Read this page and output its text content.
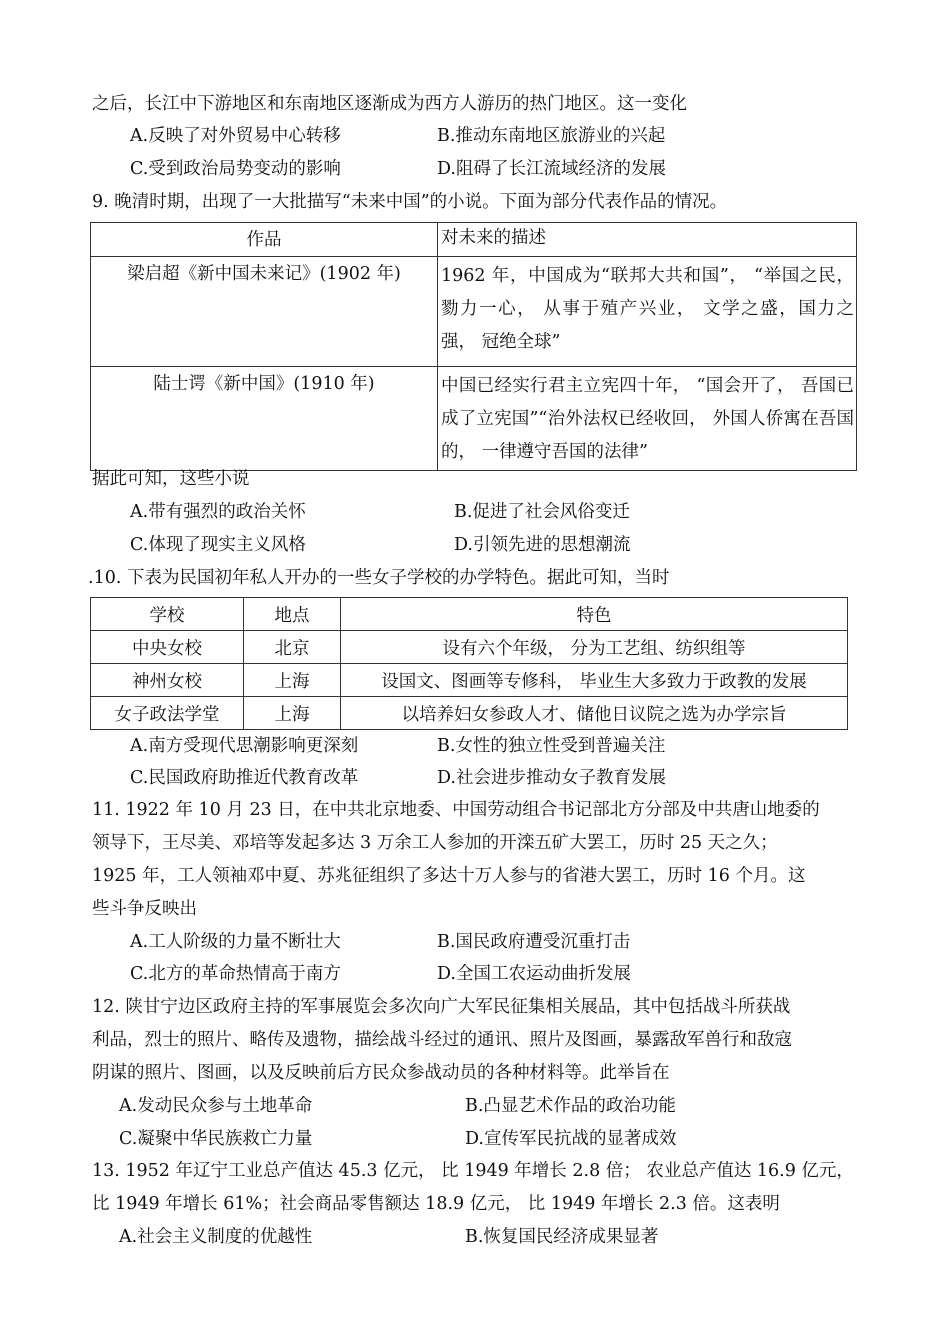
之后，长江中下游地区和东南地区逐渐成为西方人游历的热门地区。这一变化
A.反映了对外贸易中心转移	B.推动东南地区旅游业的兴起
C.受到政治局势变动的影响	D.阻碍了长江流域经济的发展
9. 晚清时期，出现了一大批描写“未来中国”的小说。下面为部分代表作品的情况。
作品	对未来的描述
梁启超《新中国未来记》(1902 年)	1962 年，中国成为“联邦大共和国”， “举国之民，勠力一心， 从事于殖产兴业， 文学之盛，国力之强， 冠绝全球”
陆士谔《新中国》(1910 年)	中国已经实行君主立宪四十年， “国会开了， 吾国已成了立宪国”“治外法权已经收回， 外国人侨寓在吾国的， 一律遵守吾国的法律”
据此可知，这些小说
A.带有强烈的政治关怀	B.促进了社会风俗变迁
C.体现了现实主义风格	D.引领先进的思想潮流
.10. 下表为民国初年私人开办的一些女子学校的办学特色。据此可知，当时
学校	地点	特色
中央女校	北京	设有六个年级， 分为工艺组、纺织组等
神州女校	上海	设国文、图画等专修科， 毕业生大多致力于政教的发展
女子政法学堂	上海	以培养妇女参政人才、储他日议院之选为办学宗旨
A.南方受现代思潮影响更深刻	B.女性的独立性受到普遍关注
C.民国政府助推近代教育改革	D.社会进步推动女子教育发展
11. 1922 年 10 月 23 日，在中共北京地委、中国劳动组合书记部北方分部及中共唐山地委的
领导下，王尽美、邓培等发起多达 3 万余工人参加的开滦五矿大罢工，历时 25 天之久；
1925 年，工人领袖邓中夏、苏兆征组织了多达十万人参与的省港大罢工，历时 16 个月。这
些斗争反映出
A.工人阶级的力量不断壮大	B.国民政府遭受沉重打击
C.北方的革命热情高于南方	D.全国工农运动曲折发展
12. 陕甘宁边区政府主持的军事展览会多次向广大军民征集相关展品，其中包括战斗所获战
利品，烈士的照片、略传及遗物，描绘战斗经过的通讯、照片及图画，暴露敌军兽行和敌寇
阴谋的照片、图画，以及反映前后方民众参战动员的各种材料等。此举旨在
A.发动民众参与土地革命	B.凸显艺术作品的政治功能
C.凝聚中华民族救亡力量	D.宣传军民抗战的显著成效
13. 1952 年辽宁工业总产值达 45.3 亿元， 比 1949 年增长 2.8 倍； 农业总产值达 16.9 亿元，
比 1949 年增长 61%；社会商品零售额达 18.9 亿元， 比 1949 年增长 2.3 倍。这表明
A.社会主义制度的优越性	B.恢复国民经济成果显著
